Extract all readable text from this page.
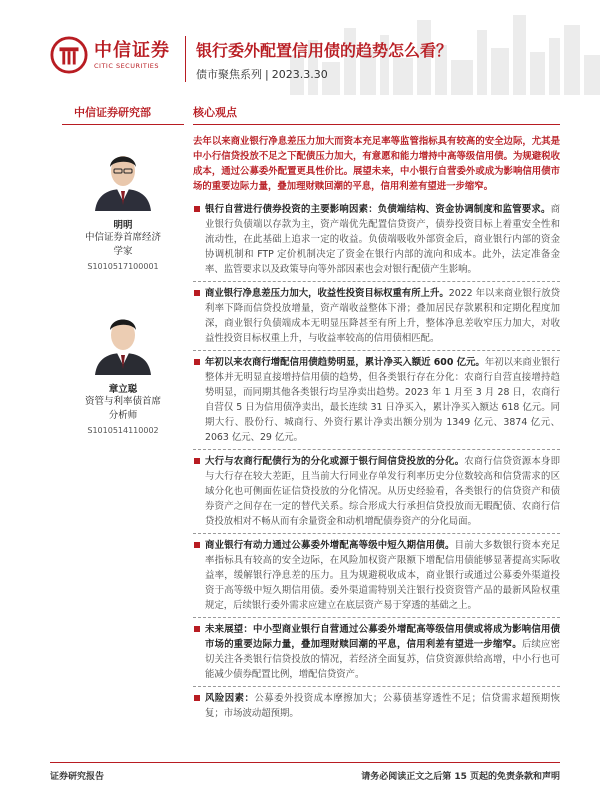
中信证券
CITIC SECURITIES
银行委外配置信用债的趋势怎么看？
债市聚焦系列 | 2023.3.30
中信证券研究部
明明
中信证券首席经济
学家
S1010517100001
章立聪
资管与利率债首席
分析师
S1010514110002
核心观点
去年以来商业银行净息差压力加大而资本充足率等监管指标具有较高的安全边际，尤其是中小行信贷投放不足之下配债压力加大，有意愿和能力增持中高等级信用债。为规避税收成本，通过公募委外配置更具性价比。展望未来，中小银行自营委外或成为影响信用债市场的重要边际力量，叠加理财赎回潮的平息，信用利差有望进一步缩窄。
银行自营进行债券投资的主要影响因素：负债端结构、资金协调制度和监管要求。商业银行负债端以存款为主，资产端优先配置信贷资产，债券投资目标上着重安全性和流动性，在此基础上追求一定的收益。负债端吸收外部资金后，商业银行内部的资金协调机制和 FTP 定价机制决定了资金在银行内部的流向和成本。此外，法定准备金率、监管要求以及政策导向等外部因素也会对银行配债产生影响。
商业银行净息差压力加大，收益性投资目标权重有所上升。2022 年以来商业银行放贷利率下降而信贷投放增量，资产端收益整体下滑；叠加居民存款累积和定期化程度加深，商业银行负债端成本无明显压降甚至有所上升，整体净息差收窄压力加大，对收益性投资目标权重上升，与收益率较高的信用债相匹配。
年初以来农商行增配信用债趋势明显，累计净买入额近 600 亿元。年初以来商业银行整体并无明显直接增持信用债的趋势，但各类银行存在分化：农商行自营直接增持趋势明显，而同期其他各类银行均呈净卖出趋势。2023 年 1 月至 3 月 28 日，农商行自营仅 5 日为信用债净卖出，最长连续 31 日净买入，累计净买入额达 618 亿元。同期大行、股份行、城商行、外资行累计净卖出额分别为 1349 亿元、3874 亿元、2063 亿元、29 亿元。
大行与农商行配债行为的分化或源于银行间信贷投放的分化。农商行信贷资源本身即与大行存在较大差距，且当前大行同业存单发行利率历史分位数较高和信贷需求的区域分化也可侧面佐证信贷投放的分化情况。从历史经验看，各类银行的信贷资产和债券资产之间存在一定的替代关系。综合形成大行承担信贷投放而无暇配债、农商行信贷投放相对不畅从而有余量资金和动机增配债券资产的分化局面。
商业银行有动力通过公募委外增配高等级中短久期信用债。目前大多数银行资本充足率指标具有较高的安全边际，在风险加权资产限额下增配信用债能够显著提高实际收益率，缓解银行净息差的压力。且为规避税收成本，商业银行或通过公募委外渠道投资于高等级中短久期信用债。委外渠道需特别关注银行投资资管产品的最新风险权重规定，后续银行委外需求应建立在底层资产易于穿透的基础之上。
未来展望：中小型商业银行自营通过公募委外增配高等级信用债或将成为影响信用债市场的重要边际力量，叠加理财赎回潮的平息，信用利差有望进一步缩窄。后续应密切关注各类银行信贷投放的情况，若经济全面复苏，信贷资源供给高增，中小行也可能减少债券配置比例，增配信贷资产。
风险因素：公募委外投资成本摩擦加大；公募债基穿透性不足；信贷需求超预期恢复；市场波动超预期。
证券研究报告	请务必阅读正文之后第 15 页起的免责条款和声明
